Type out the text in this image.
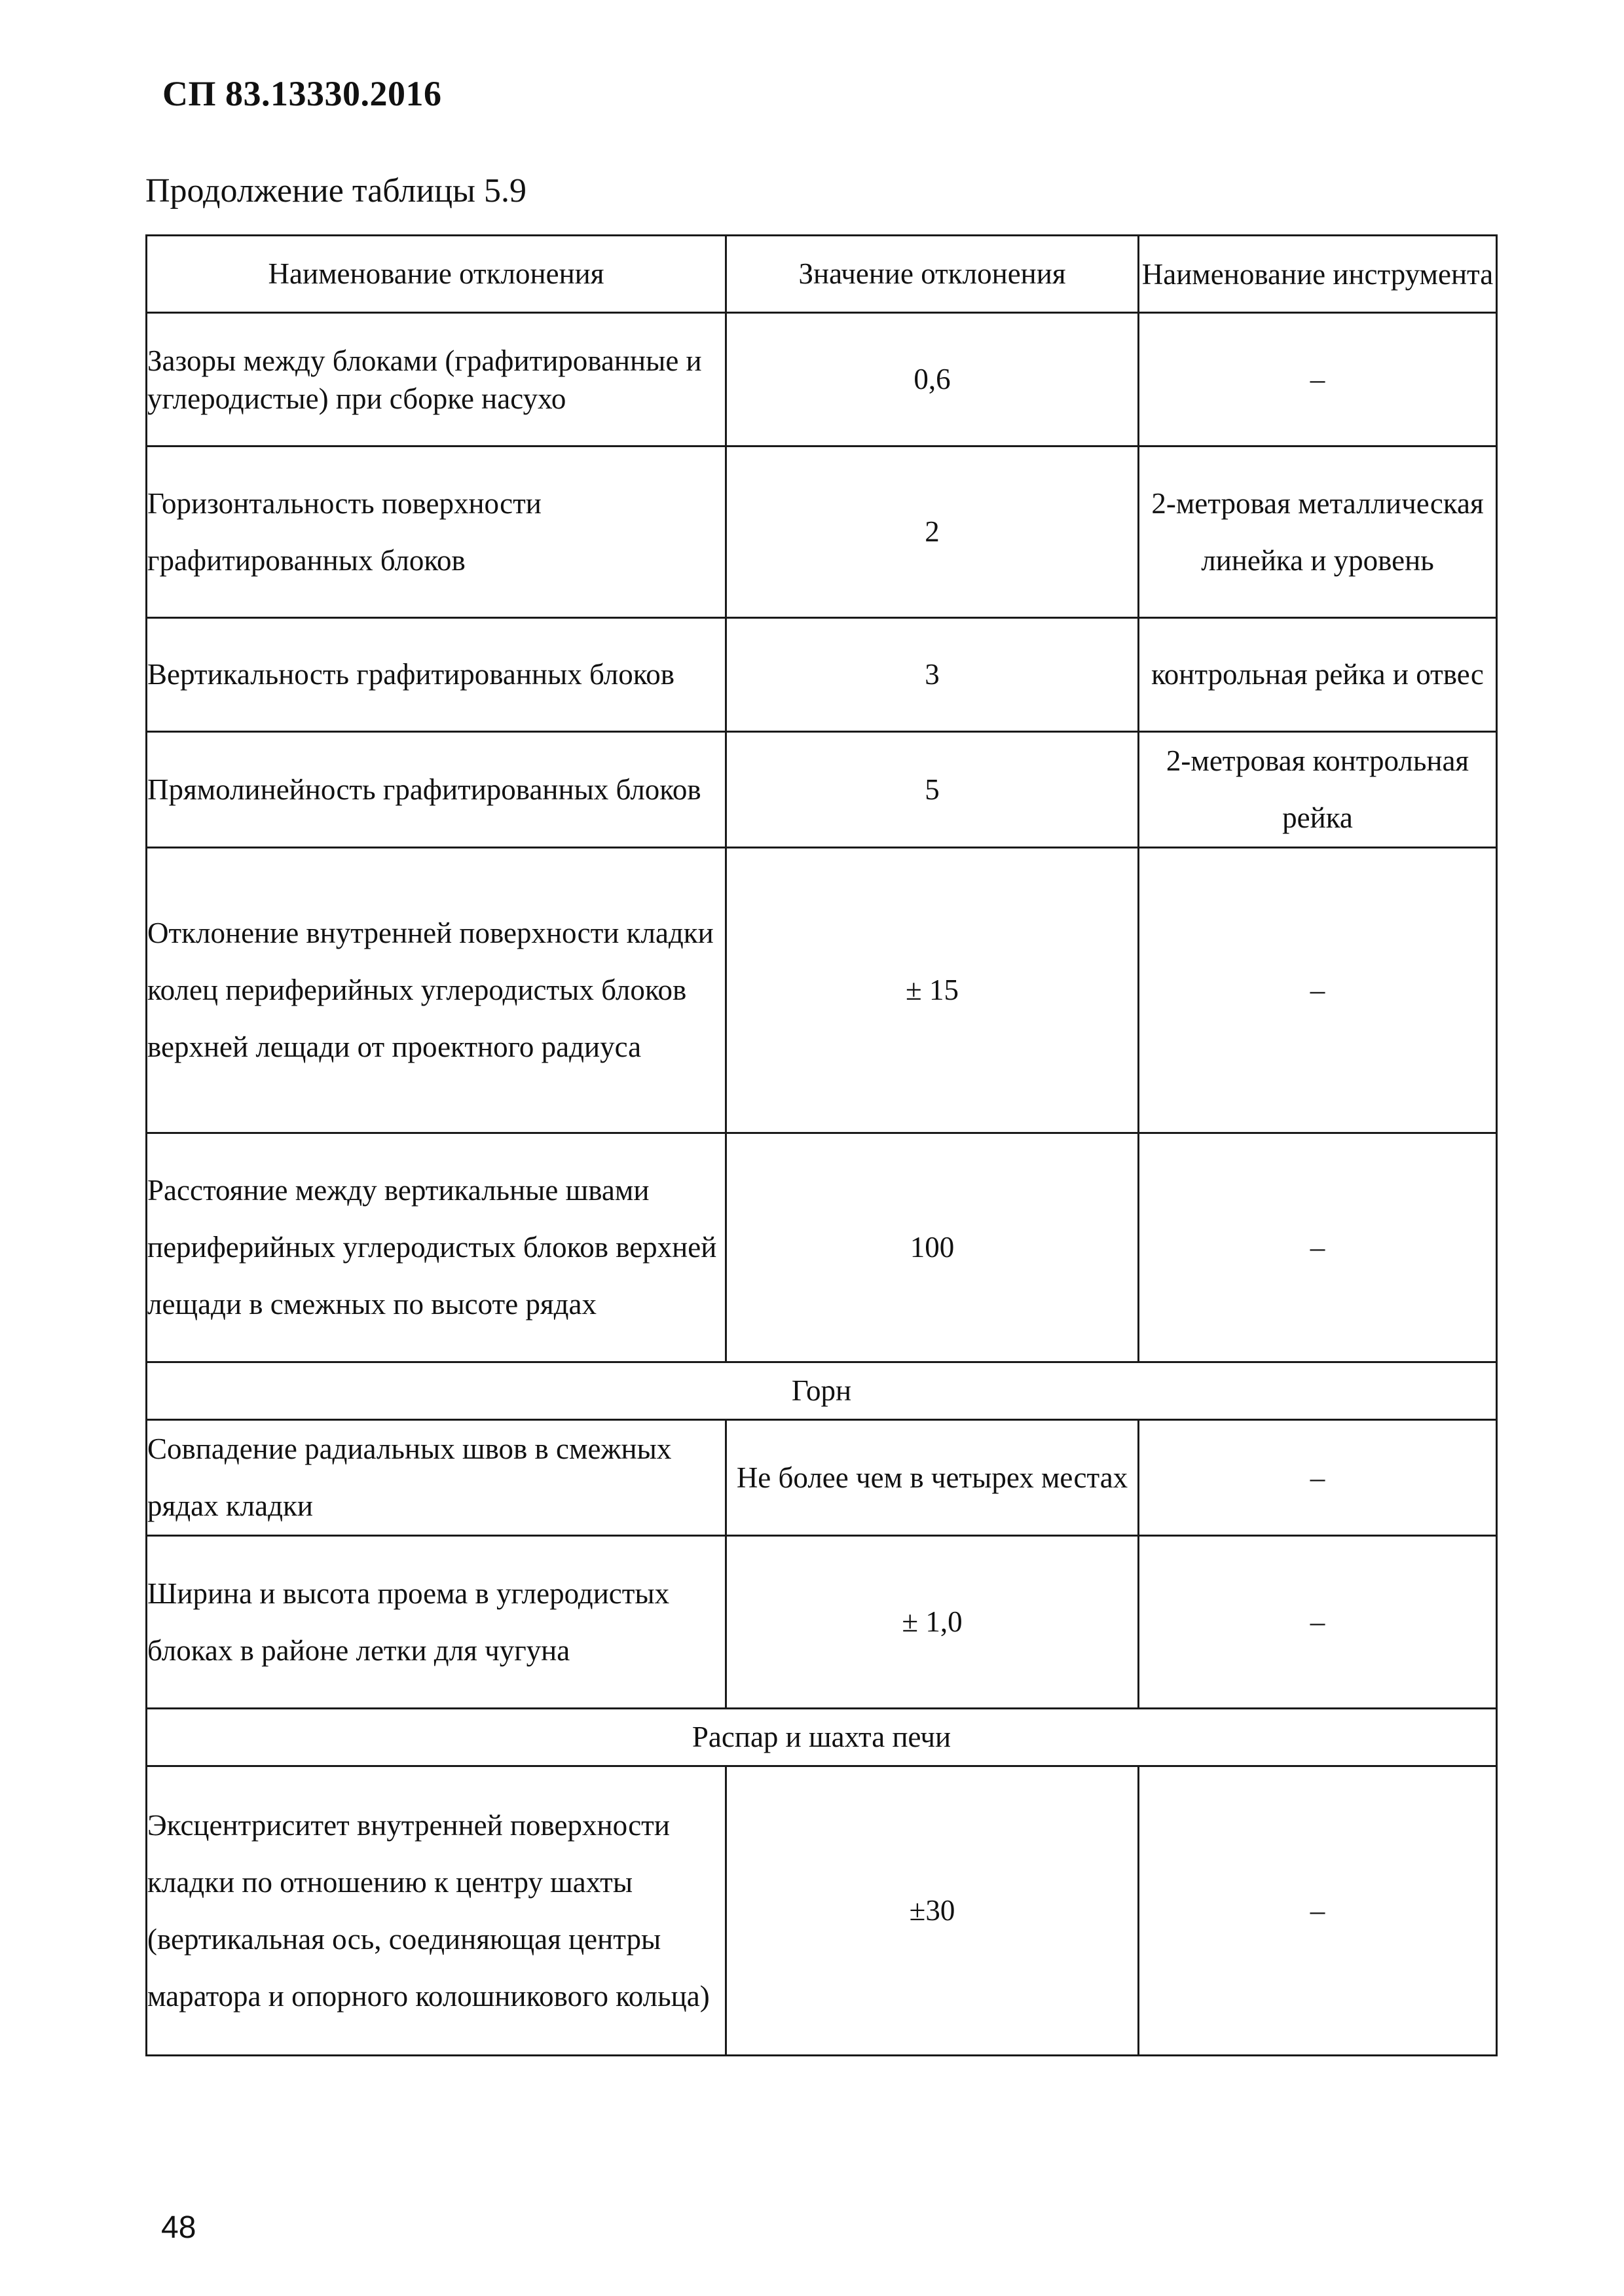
СП 83.13330.2016
Продолжение таблицы 5.9
Наименование отклонения	Значение отклонения	Наименование инструмента
Зазоры между блоками (графитированные и углеродистые) при сборке насухо	0,6	–
Горизонтальность поверхности графитированных блоков	2	2-метровая металлическая линейка и уровень
Вертикальность графитированных блоков	3	контрольная рейка и отвес
Прямолинейность графитированных блоков	5	2-метровая контрольная рейка
Отклонение внутренней поверхности кладки колец периферийных углеродистых блоков верхней лещади от проектного радиуса	± 15	–
Расстояние между вертикальные швами периферийных углеродистых блоков верхней лещади в смежных по высоте рядах	100	–
Горн		
Совпадение радиальных швов в смежных рядах кладки	Не более чем в четырех местах	–
Ширина и высота проема в углеродистых блоках в районе летки для чугуна	± 1,0	–
Распар и шахта печи		
Эксцентриситет внутренней поверхности кладки по отношению к центру шахты (вертикальная ось, соединяющая центры маратора и опорного колошникового кольца)	±30	–
48
